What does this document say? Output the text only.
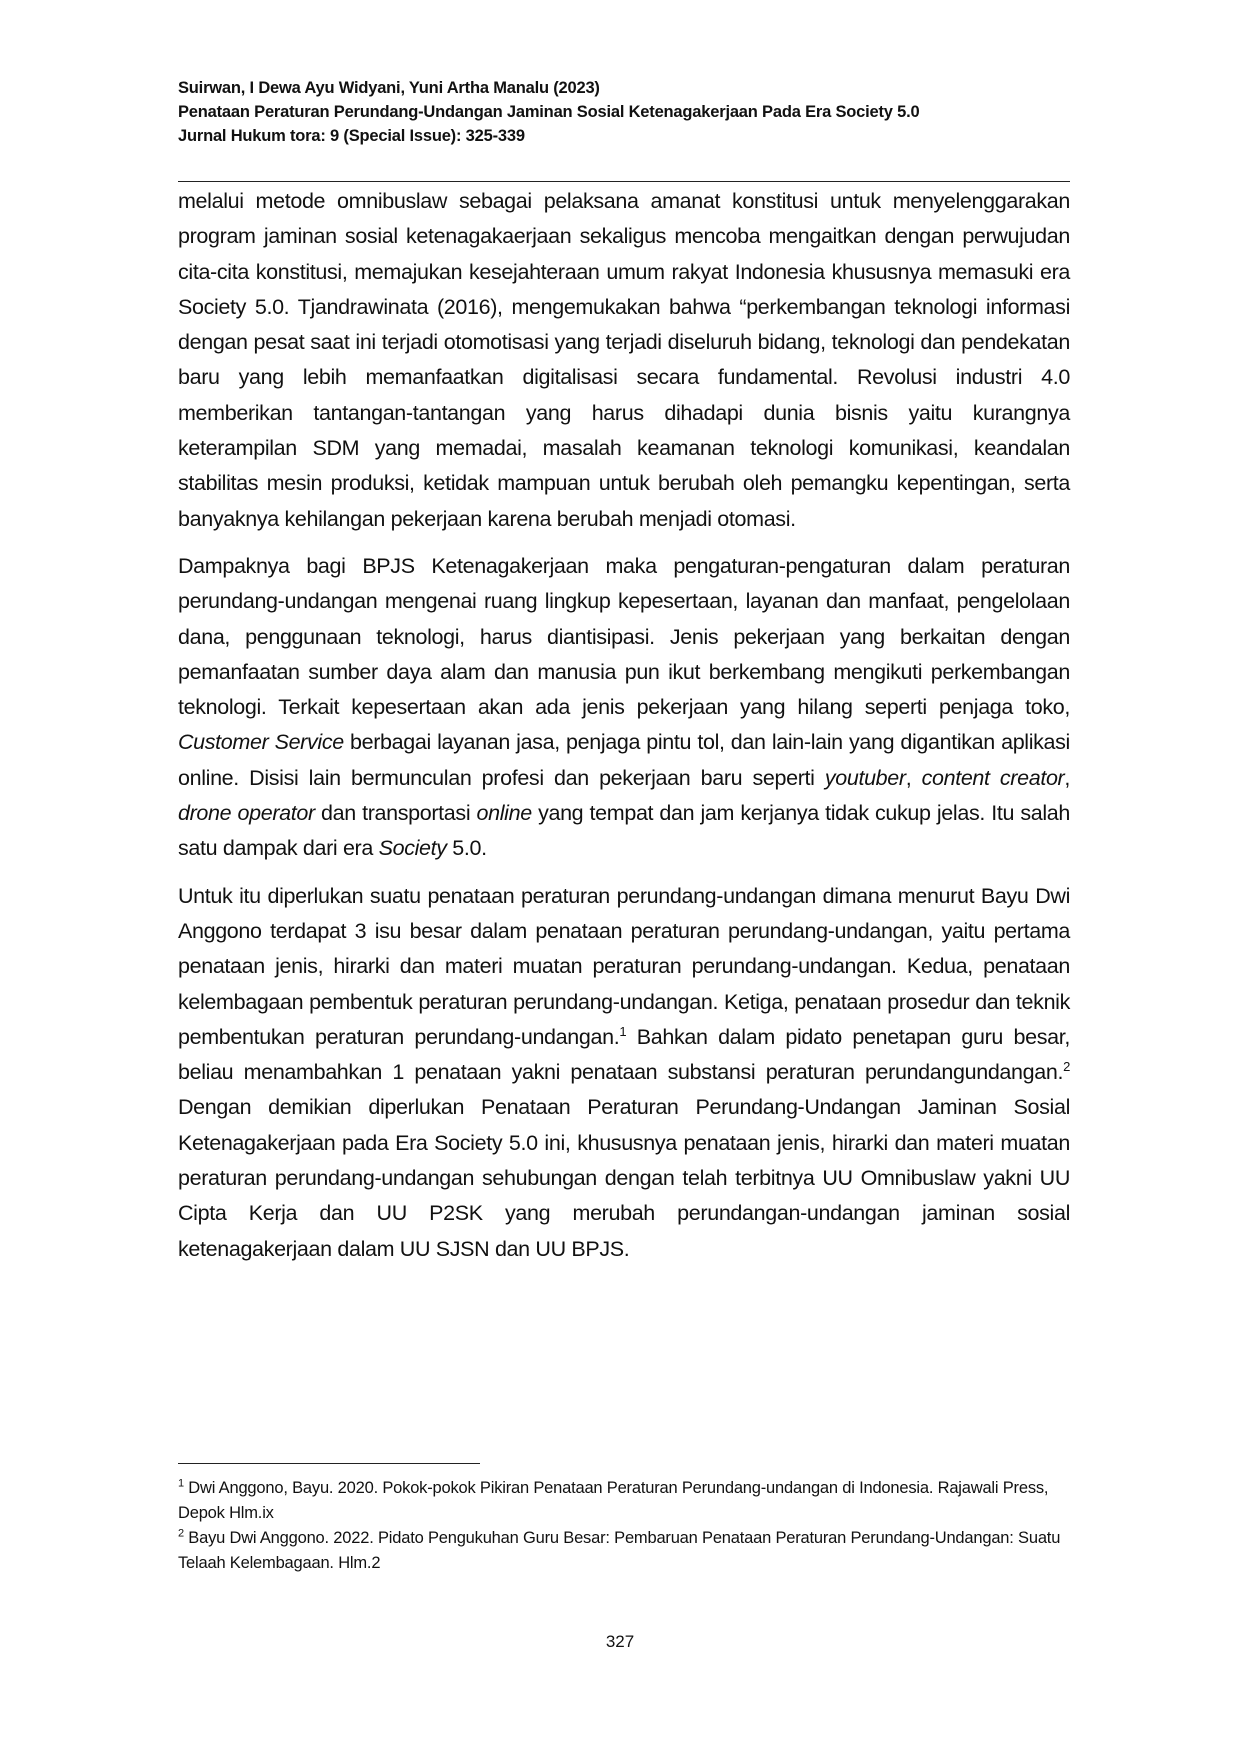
Suirwan, I Dewa Ayu Widyani, Yuni Artha Manalu (2023)
Penataan Peraturan Perundang-Undangan Jaminan Sosial Ketenagakerjaan Pada Era Society 5.0
Jurnal Hukum tora: 9 (Special Issue): 325-339

melalui metode omnibuslaw sebagai pelaksana amanat konstitusi untuk menyelenggarakan program jaminan sosial ketenagakaerjaan sekaligus mencoba mengaitkan dengan perwujudan cita-cita konstitusi, memajukan kesejahteraan umum rakyat Indonesia khususnya memasuki era Society 5.0. Tjandrawinata (2016), mengemukakan bahwa “perkembangan teknologi informasi dengan pesat saat ini terjadi otomotisasi yang terjadi diseluruh bidang, teknologi dan pendekatan baru yang lebih memanfaatkan digitalisasi secara fundamental. Revolusi industri 4.0 memberikan tantangan-tantangan yang harus dihadapi dunia bisnis yaitu kurangnya keterampilan SDM yang memadai, masalah keamanan teknologi komunikasi, keandalan stabilitas mesin produksi, ketidak mampuan untuk berubah oleh pemangku kepentingan, serta banyaknya kehilangan pekerjaan karena berubah menjadi otomasi.

Dampaknya bagi BPJS Ketenagakerjaan maka pengaturan-pengaturan dalam peraturan perundang-undangan mengenai ruang lingkup kepesertaan, layanan dan manfaat, pengelolaan dana, penggunaan teknologi, harus diantisipasi. Jenis pekerjaan yang berkaitan dengan pemanfaatan sumber daya alam dan manusia pun ikut berkembang mengikuti perkembangan teknologi. Terkait kepesertaan akan ada jenis pekerjaan yang hilang seperti penjaga toko, Customer Service berbagai layanan jasa, penjaga pintu tol, dan lain-lain yang digantikan aplikasi online. Disisi lain bermunculan profesi dan pekerjaan baru seperti youtuber, content creator, drone operator dan transportasi online yang tempat dan jam kerjanya tidak cukup jelas. Itu salah satu dampak dari era Society 5.0.

Untuk itu diperlukan suatu penataan peraturan perundang-undangan dimana menurut Bayu Dwi Anggono terdapat 3 isu besar dalam penataan peraturan perundang-undangan, yaitu pertama penataan jenis, hirarki dan materi muatan peraturan perundang-undangan. Kedua, penataan kelembagaan pembentuk peraturan perundang-undangan. Ketiga, penataan prosedur dan teknik pembentukan peraturan perundang-undangan.$^1$ Bahkan dalam pidato penetapan guru besar, beliau menambahkan 1 penataan yakni penataan substansi peraturan perundangundangan.$^2$ Dengan demikian diperlukan Penataan Peraturan Perundang-Undangan Jaminan Sosial Ketenagakerjaan pada Era Society 5.0 ini, khususnya penataan jenis, hirarki dan materi muatan peraturan perundang-undangan sehubungan dengan telah terbitnya UU Omnibuslaw yakni UU Cipta Kerja dan UU P2SK yang merubah perundangan-undangan jaminan sosial ketenagakerjaan dalam UU SJSN dan UU BPJS.

$^1$ Dwi Anggono, Bayu. 2020. Pokok-pokok Pikiran Penataan Peraturan Perundang-undangan di Indonesia. Rajawali Press, Depok Hlm.ix

$^2$ Bayu Dwi Anggono. 2022. Pidato Pengukuhan Guru Besar: Pembaruan Penataan Peraturan Perundang-Undangan: Suatu Telaah Kelembagaan. Hlm.2

327
